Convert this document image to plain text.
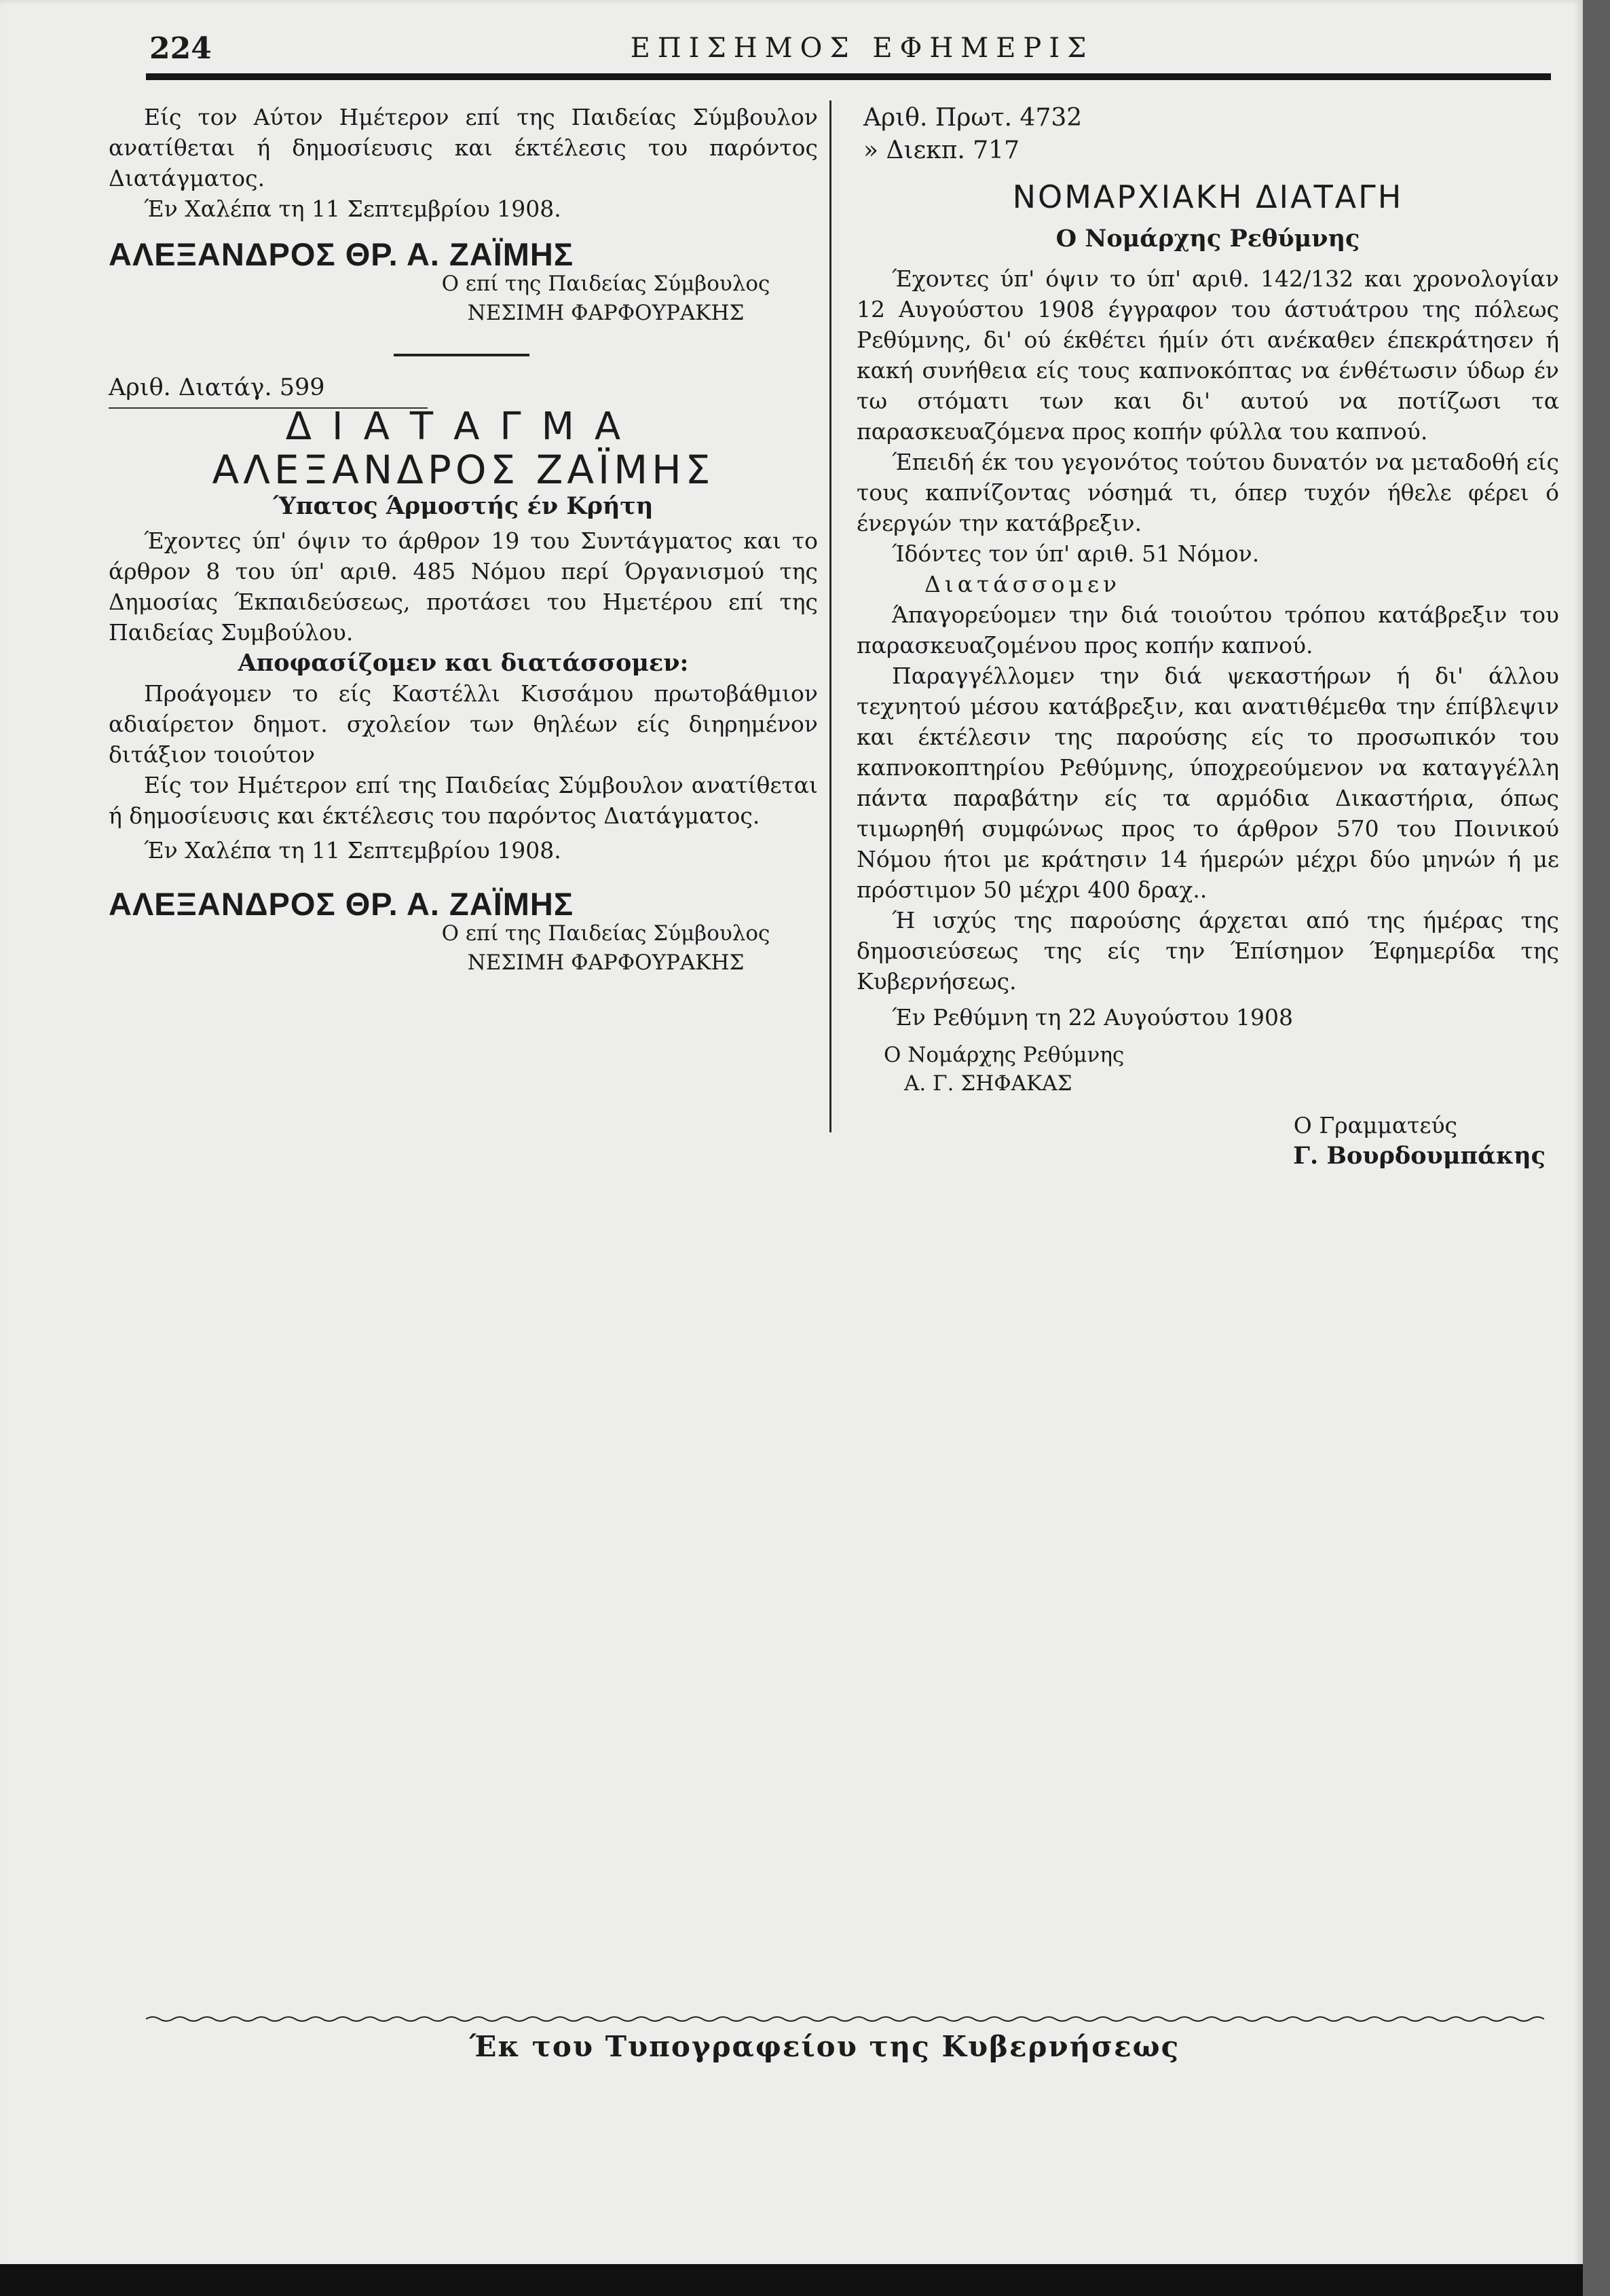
224	ΕΠΙΣΗΜΟΣ ΕΦΗΜΕΡΙΣ

Είς τον Αύτον Ημέτερον επί της Παιδείας Σύμβουλον ανατίθεται ή δημοσίευσις και έκτέλεσις του παρόντος Διατάγματος.

Έν Χαλέπα τη 11 Σεπτεμβρίου 1908.

ΑΛΕΞΑΝΔΡΟΣ ΘΡ. Α. ΖΑΪΜΗΣ

Ο επί της Παιδείας Σύμβουλος
ΝΕΣΙΜΗ ΦΑΡΦΟΥΡΑΚΗΣ
Αριθ. Διατάγ. 599

ΔΙΑΤΑΓΜΑ

ΑΛΕΞΑΝΔΡΟΣ ΖΑΪΜΗΣ

Ύπατος Άρμοστής έν Κρήτη

Έχοντες ύπ' όψιν το άρθρον 19 του Συντάγματος και το άρθρον 8 του ύπ' αριθ. 485 Νόμου περί Όργανισμού της Δημοσίας Έκπαιδεύσεως, προτάσει του Ημετέρου επί της Παιδείας Συμβούλου.

Αποφασίζομεν και διατάσσομεν:

Προάγομεν το είς Καστέλλι Κισσάμου πρωτοβάθμιον αδιαίρετον δημοτ. σχολείον των θηλέων είς διηρημένον διτάξιον τοιούτον

Είς τον Ημέτερον επί της Παιδείας Σύμβουλον ανατίθεται ή δημοσίευσις και έκτέλεσις του παρόντος Διατάγματος.

Έν Χαλέπα τη 11 Σεπτεμβρίου 1908.

ΑΛΕΞΑΝΔΡΟΣ ΘΡ. Α. ΖΑΪΜΗΣ

Ο επί της Παιδείας Σύμβουλος
ΝΕΣΙΜΗ ΦΑΡΦΟΥΡΑΚΗΣ
Αριθ. Πρωτ. 4732
» Διεκπ. 717

ΝΟΜΑΡΧΙΑΚΗ ΔΙΑΤΑΓΗ

Ο Νομάρχης Ρεθύμνης

Έχοντες ύπ' όψιν το ύπ' αριθ. 142/132 και χρονολογίαν 12 Αυγούστου 1908 έγγραφον του άστυάτρου της πόλεως Ρεθύμνης, δι' ού έκθέτει ήμίν ότι ανέκαθεν έπεκράτησεν ή κακή συνήθεια είς τους καπνοκόπτας να ένθέτωσιν ύδωρ έν τω στόματι των και δι' αυτού να ποτίζωσι τα παρασκευαζόμενα προς κοπήν φύλλα του καπνού.

Έπειδή έκ του γεγονότος τούτου δυνατόν να μεταδοθή είς τους καπνίζοντας νόσημά τι, όπερ τυχόν ήθελε φέρει ό ένεργών την κατάβρεξιν.

Ίδόντες τον ύπ' αριθ. 51 Νόμον.

Διατάσσομεν

Άπαγορεύομεν την διά τοιούτου τρόπου κατάβρεξιν του παρασκευαζομένου προς κοπήν καπνού.

Παραγγέλλομεν την διά ψεκαστήρων ή δι' άλλου τεχνητού μέσου κατάβρεξιν, και ανατιθέμεθα την έπίβλεψιν και έκτέλεσιν της παρούσης είς το προσωπικόν του καπνοκοπτηρίου Ρεθύμνης, ύποχρεούμενον να καταγγέλλη πάντα παραβάτην είς τα αρμόδια Δικαστήρια, όπως τιμωρηθή συμφώνως προς το άρθρον 570 του Ποινικού Νόμου ήτοι με κράτησιν 14 ήμερών μέχρι δύο μηνών ή με πρόστιμον 50 μέχρι 400 δραχ..

Ή ισχύς της παρούσης άρχεται από της ήμέρας της δημοσιεύσεως της είς την Έπίσημον Έφημερίδα της Κυβερνήσεως.

Έν Ρεθύμνη τη 22 Αυγούστου 1908

Ο Νομάρχης Ρεθύμνης
Α. Γ. ΣΗΦΑΚΑΣ
Ο Γραμματεύς
Γ. Βουρδουμπάκης
Έκ του Τυπογραφείου της Κυβερνήσεως
